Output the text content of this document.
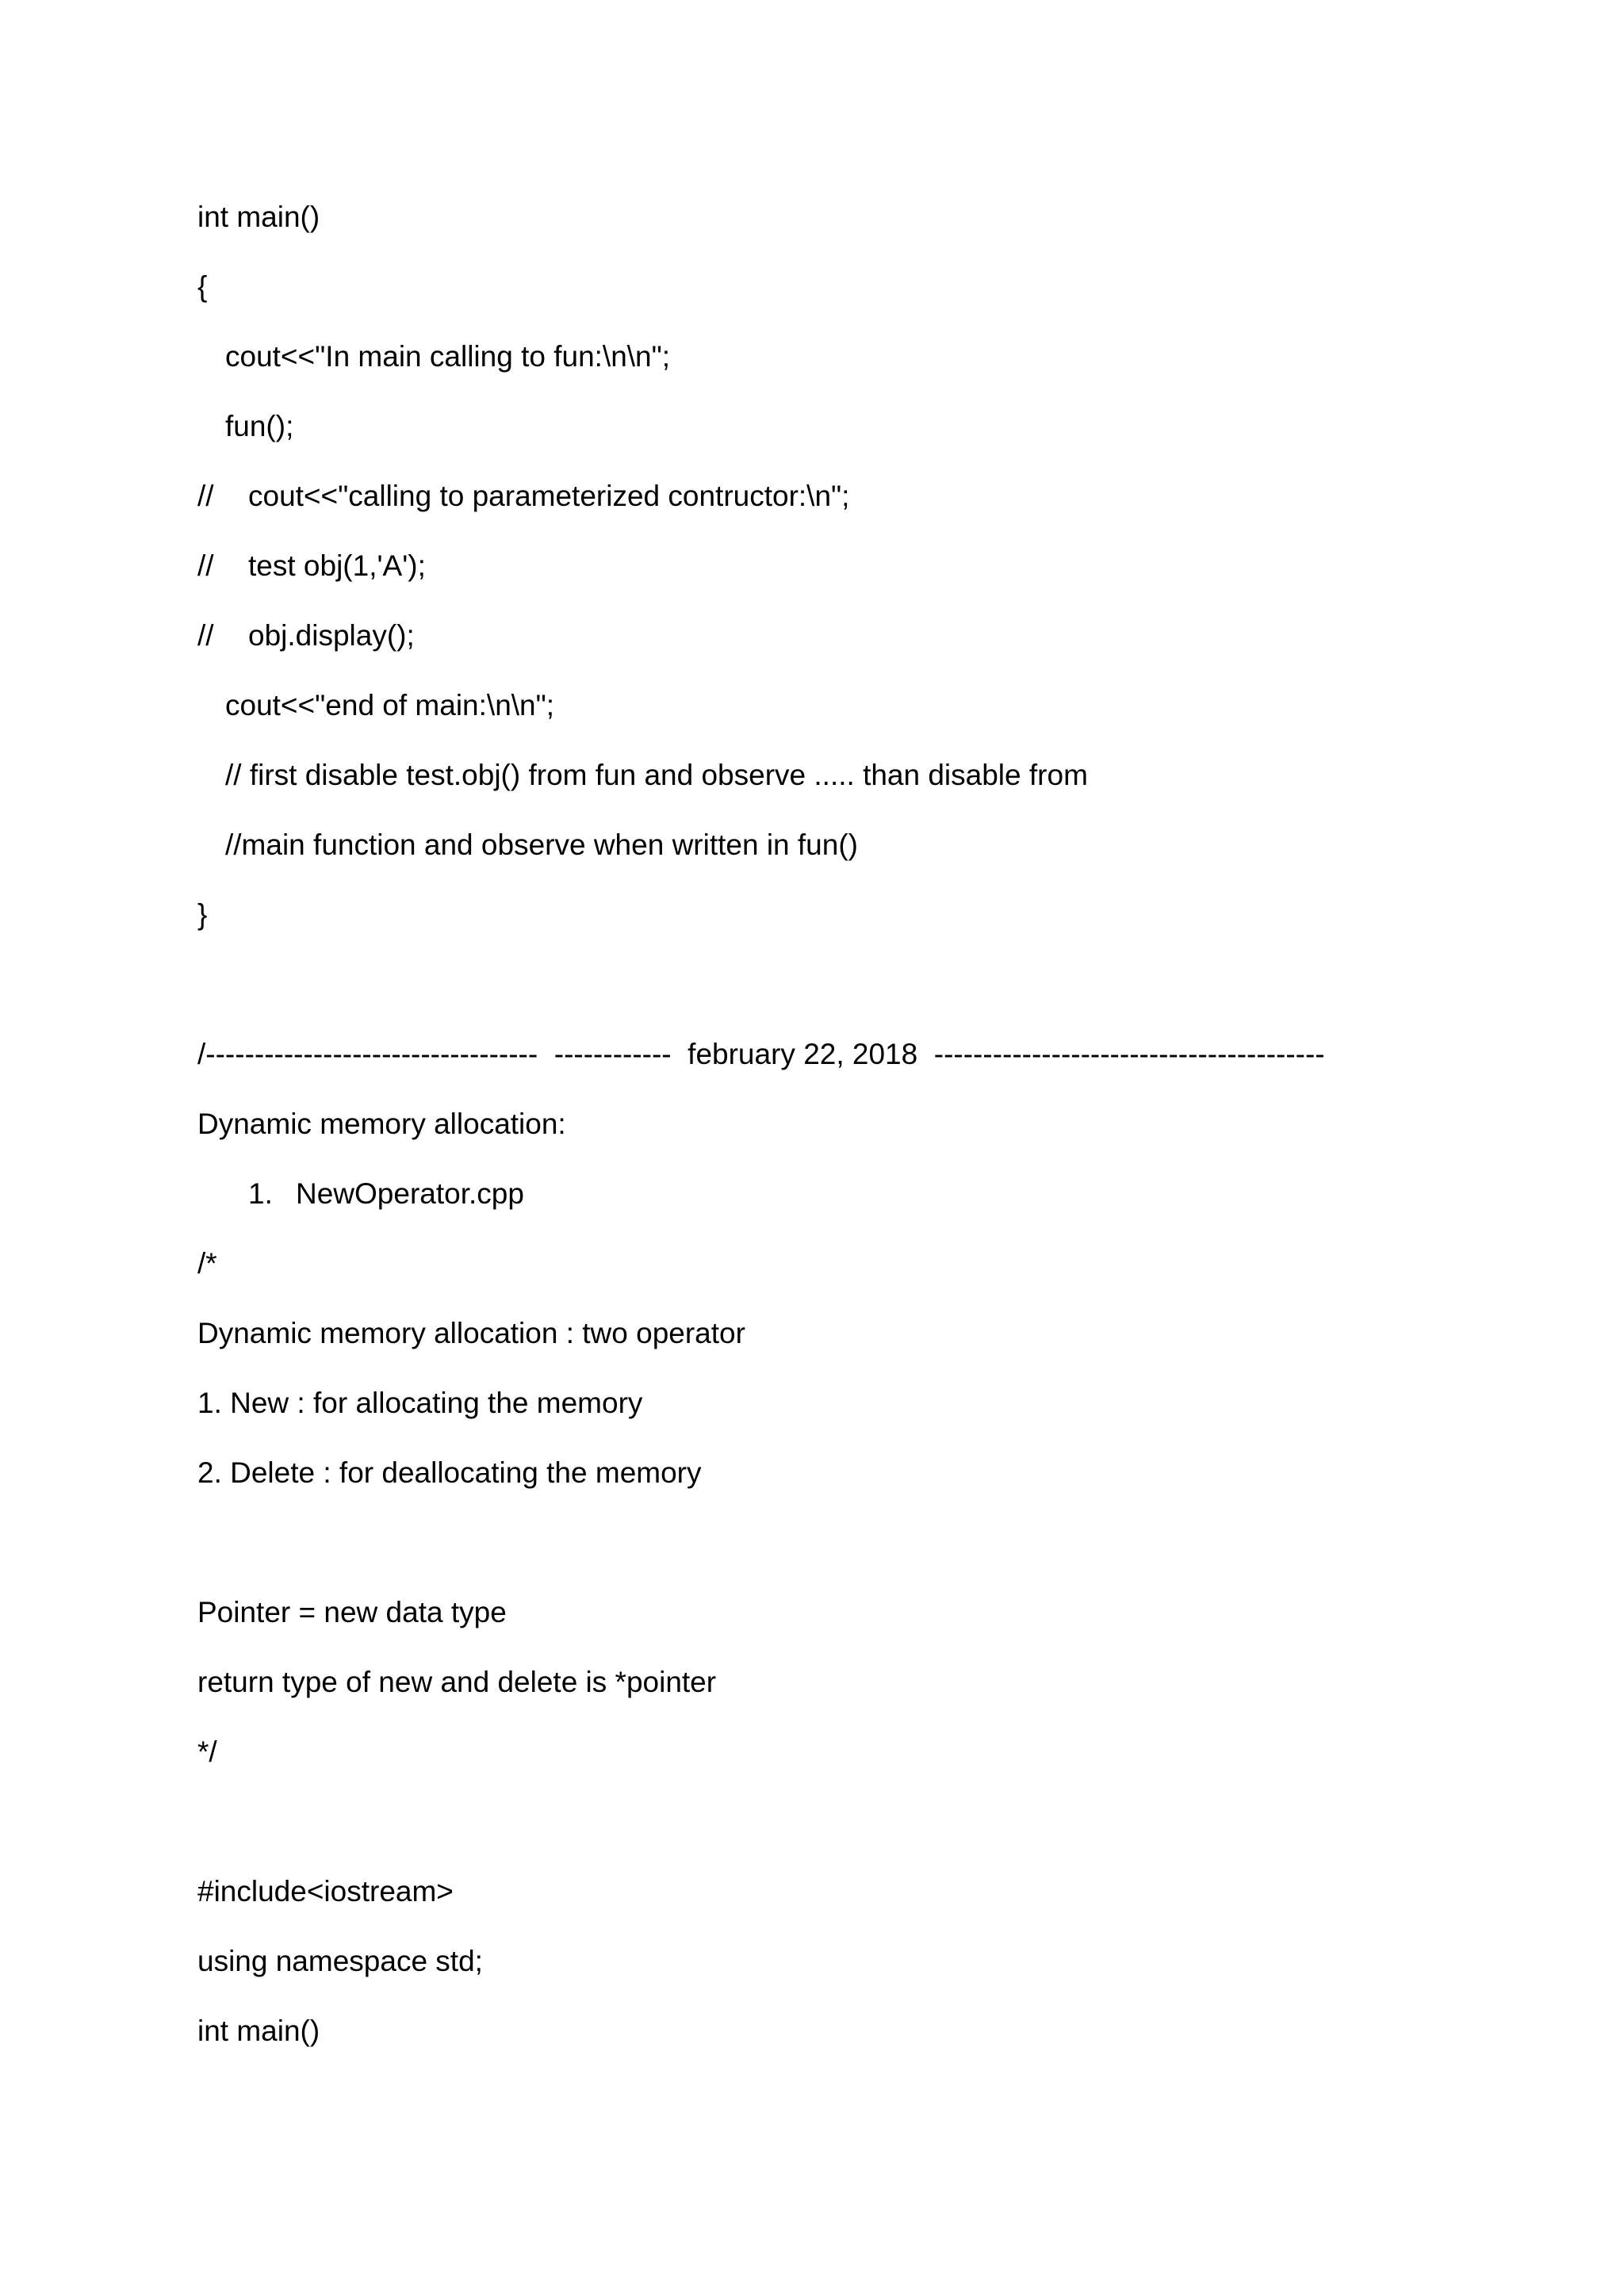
int main()
{
cout<<"In main calling to fun:\n\n";
fun();
// cout<<"calling to parameterized contructor:\n";
// test obj(1,'A');
// obj.display();
cout<<"end of main:\n\n";
// first disable test.obj() from fun and observe ..... than disable from
//main function and observe when written in fun()
}
/----------------------------------  ------------  february 22, 2018  ----------------------------------------
Dynamic memory allocation:
1. NewOperator.cpp
/*
Dynamic memory allocation : two operator
1. New : for allocating the memory
2. Delete : for deallocating the memory
Pointer = new data type
return type of new and delete is *pointer
*/
#include<iostream>
using namespace std;
int main()
